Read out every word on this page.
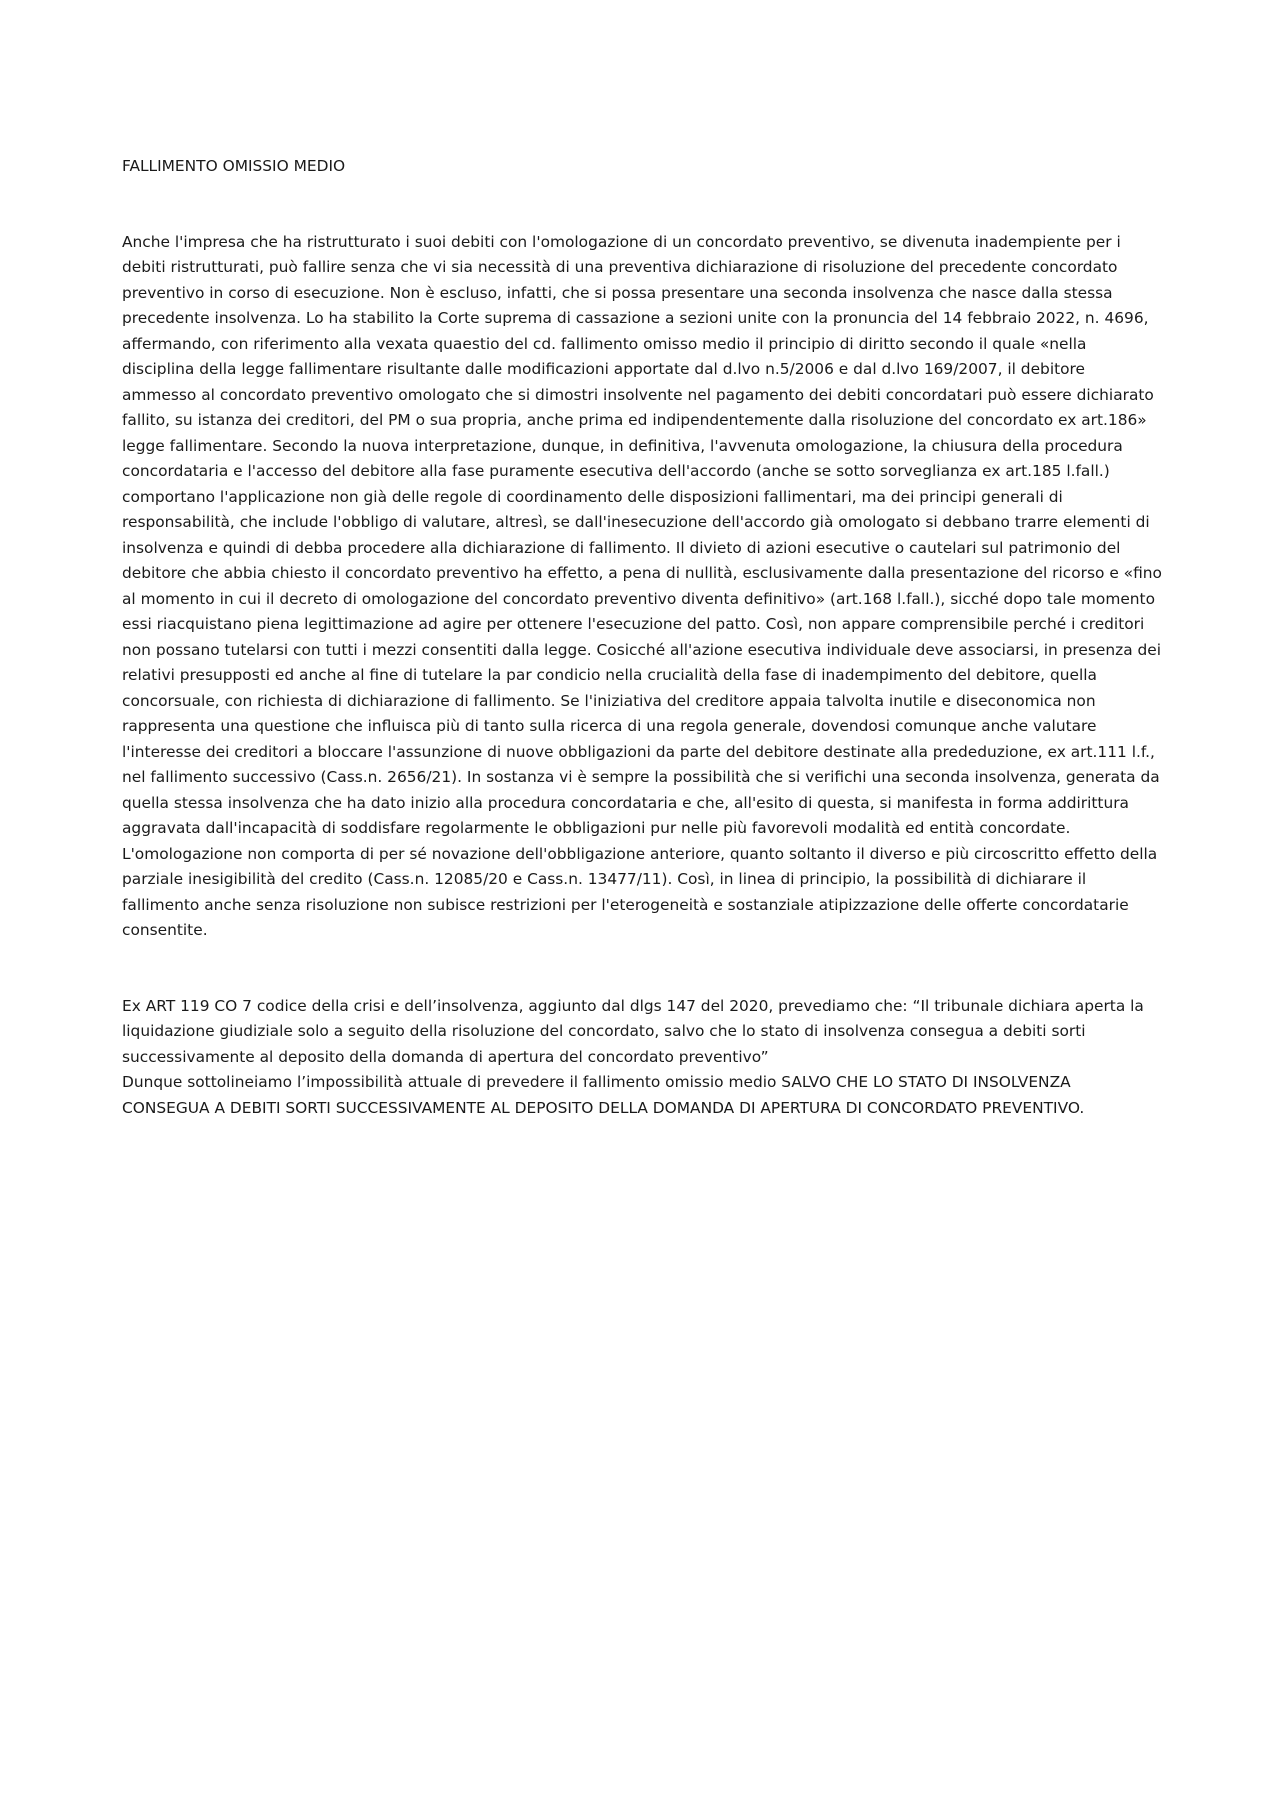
FALLIMENTO OMISSIO MEDIO

Anche l'impresa che ha ristrutturato i suoi debiti con l'omologazione di un concordato preventivo, se divenuta inadempiente per i debiti ristrutturati, può fallire senza che vi sia necessità di una preventiva dichiarazione di risoluzione del precedente concordato preventivo in corso di esecuzione. Non è escluso, infatti, che si possa presentare una seconda insolvenza che nasce dalla stessa precedente insolvenza. Lo ha stabilito la Corte suprema di cassazione a sezioni unite con la pronuncia del 14 febbraio 2022, n. 4696, affermando, con riferimento alla vexata quaestio del cd. fallimento omisso medio il principio di diritto secondo il quale «nella disciplina della legge fallimentare risultante dalle modificazioni apportate dal d.lvo n.5/2006 e dal d.lvo 169/2007, il debitore ammesso al concordato preventivo omologato che si dimostri insolvente nel pagamento dei debiti concordatari può essere dichiarato fallito, su istanza dei creditori, del PM o sua propria, anche prima ed indipendentemente dalla risoluzione del concordato ex art.186» legge fallimentare. Secondo la nuova interpretazione, dunque, in definitiva, l'avvenuta omologazione, la chiusura della procedura concordataria e l'accesso del debitore alla fase puramente esecutiva dell'accordo (anche se sotto sorveglianza ex art.185 l.fall.) comportano l'applicazione non già delle regole di coordinamento delle disposizioni fallimentari, ma dei principi generali di responsabilità, che include l'obbligo di valutare, altresì, se dall'inesecuzione dell'accordo già omologato si debbano trarre elementi di insolvenza e quindi di debba procedere alla dichiarazione di fallimento. Il divieto di azioni esecutive o cautelari sul patrimonio del debitore che abbia chiesto il concordato preventivo ha effetto, a pena di nullità, esclusivamente dalla presentazione del ricorso e «fino al momento in cui il decreto di omologazione del concordato preventivo diventa definitivo» (art.168 l.fall.), sicché dopo tale momento essi riacquistano piena legittimazione ad agire per ottenere l'esecuzione del patto. Così, non appare comprensibile perché i creditori non possano tutelarsi con tutti i mezzi consentiti dalla legge. Cosicché all'azione esecutiva individuale deve associarsi, in presenza dei relativi presupposti ed anche al fine di tutelare la par condicio nella crucialità della fase di inadempimento del debitore, quella concorsuale, con richiesta di dichiarazione di fallimento. Se l'iniziativa del creditore appaia talvolta inutile e diseconomica non rappresenta una questione che influisca più di tanto sulla ricerca di una regola generale, dovendosi comunque anche valutare l'interesse dei creditori a bloccare l'assunzione di nuove obbligazioni da parte del debitore destinate alla prededuzione, ex art.111 l.f., nel fallimento successivo (Cass.n. 2656/21). In sostanza vi è sempre la possibilità che si verifichi una seconda insolvenza, generata da quella stessa insolvenza che ha dato inizio alla procedura concordataria e che, all'esito di questa, si manifesta in forma addirittura aggravata dall'incapacità di soddisfare regolarmente le obbligazioni pur nelle più favorevoli modalità ed entità concordate. L'omologazione non comporta di per sé novazione dell'obbligazione anteriore, quanto soltanto il diverso e più circoscritto effetto della parziale inesigibilità del credito (Cass.n. 12085/20 e Cass.n. 13477/11). Così, in linea di principio, la possibilità di dichiarare il fallimento anche senza risoluzione non subisce restrizioni per l'eterogeneità e sostanziale atipizzazione delle offerte concordatarie consentite.

Ex ART 119 CO 7 codice della crisi e dell’insolvenza, aggiunto dal dlgs 147 del 2020, prevediamo che: “Il tribunale dichiara aperta la liquidazione giudiziale solo a seguito della risoluzione del concordato, salvo che lo stato di insolvenza consegua a debiti sorti successivamente al deposito della domanda di apertura del concordato preventivo”
Dunque sottolineiamo l’impossibilità attuale di prevedere il fallimento omissio medio SALVO CHE LO STATO DI INSOLVENZA CONSEGUA A DEBITI SORTI SUCCESSIVAMENTE AL DEPOSITO DELLA DOMANDA DI APERTURA DI CONCORDATO PREVENTIVO.
